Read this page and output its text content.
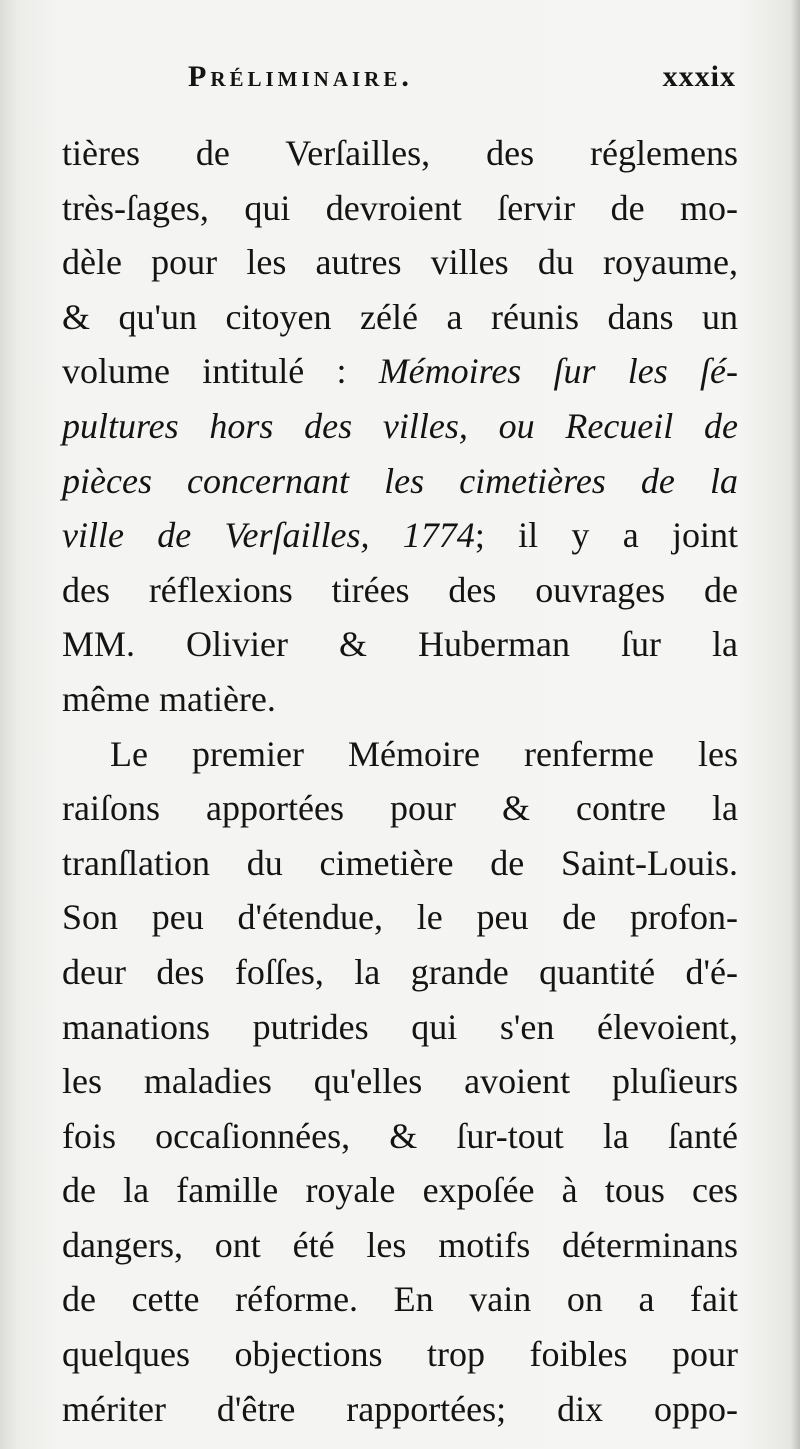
Préliminaire.	xxxix
tières de Verſailles, des réglemens
très-ſages, qui devroient ſervir de mo-
dèle pour les autres villes du royaume,
& qu'un citoyen zélé a réunis dans un
volume intitulé : Mémoires ſur les ſé-
pultures hors des villes, ou Recueil de
pièces concernant les cimetières de la
ville de Verſailles, 1774; il y a joint
des réflexions tirées des ouvrages de
MM. Olivier & Huberman ſur la
même matière.
Le premier Mémoire renferme les
raiſons apportées pour & contre la
tranſlation du cimetière de Saint-Louis.
Son peu d'étendue, le peu de profon-
deur des foſſes, la grande quantité d'é-
manations putrides qui s'en élevoient,
les maladies qu'elles avoient pluſieurs
fois occaſionnées, & ſur-tout la ſanté
de la famille royale expoſée à tous ces
dangers, ont été les motifs déterminans
de cette réforme. En vain on a fait
quelques objections trop foibles pour
mériter d'être rapportées; dix oppo-
